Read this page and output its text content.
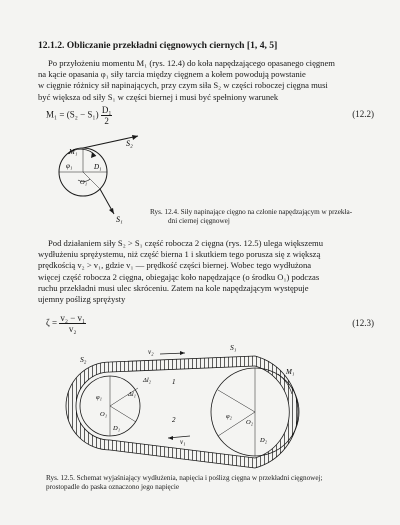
12.1.2. Obliczanie przekładni cięgnowych ciernych [1, 4, 5]
Po przyłożeniu momentu M₁ (rys. 12.4) do koła napędzającego opasanego cięgnem
na kącie opasania φ₁ siły tarcia między cięgnem a kołem powodują powstanie
w cięgnie różnicy sił napinających, przy czym siła S₂ w części roboczej cięgna musi
być większa od siły S₁ w części biernej i musi być spełniony warunek
$M_1 = (S_2 - S_1) \frac{\text{D₁}}{2}$	(12.2)
S₂
M₁
φ₁	D₁
O₁
S₁
Rys. 12.4. Siły napinające cięgno na członie napędzającym w przekła-
dni ciernej cięgnowej
Pod działaniem siły S₂ > S₁ część robocza 2 cięgna (rys. 12.5) ulega większemu
wydłużeniu sprężystemu, niż część bierna 1 i skutkiem tego porusza się z większą
prędkością v₂ > v₁, gdzie v₁ — prędkość części biernej. Wobec tego wydłużona
więcej część robocza 2 cięgna, obiegając koło napędzające (o środku O₁) podczas
ruchu przekładni musi ulec skróceniu. Zatem na kole napędzającym występuje
ujemny poślizg sprężysty
$\zeta = \frac{\text{v₂ − v₁}}{\text{v₂}}$	(12.3)
S₂
v₂
Δl₂
Δl₁
S₁
φ₁
v₁
O₁
D₁
O₂
D₂
M₁
φ₂
1
2
Rys. 12.5. Schemat wyjaśniający wydłużenia, napięcia i poślizg cięgna w przekładni cięgnowej;
prostopadle do paska oznaczono jego napięcie
